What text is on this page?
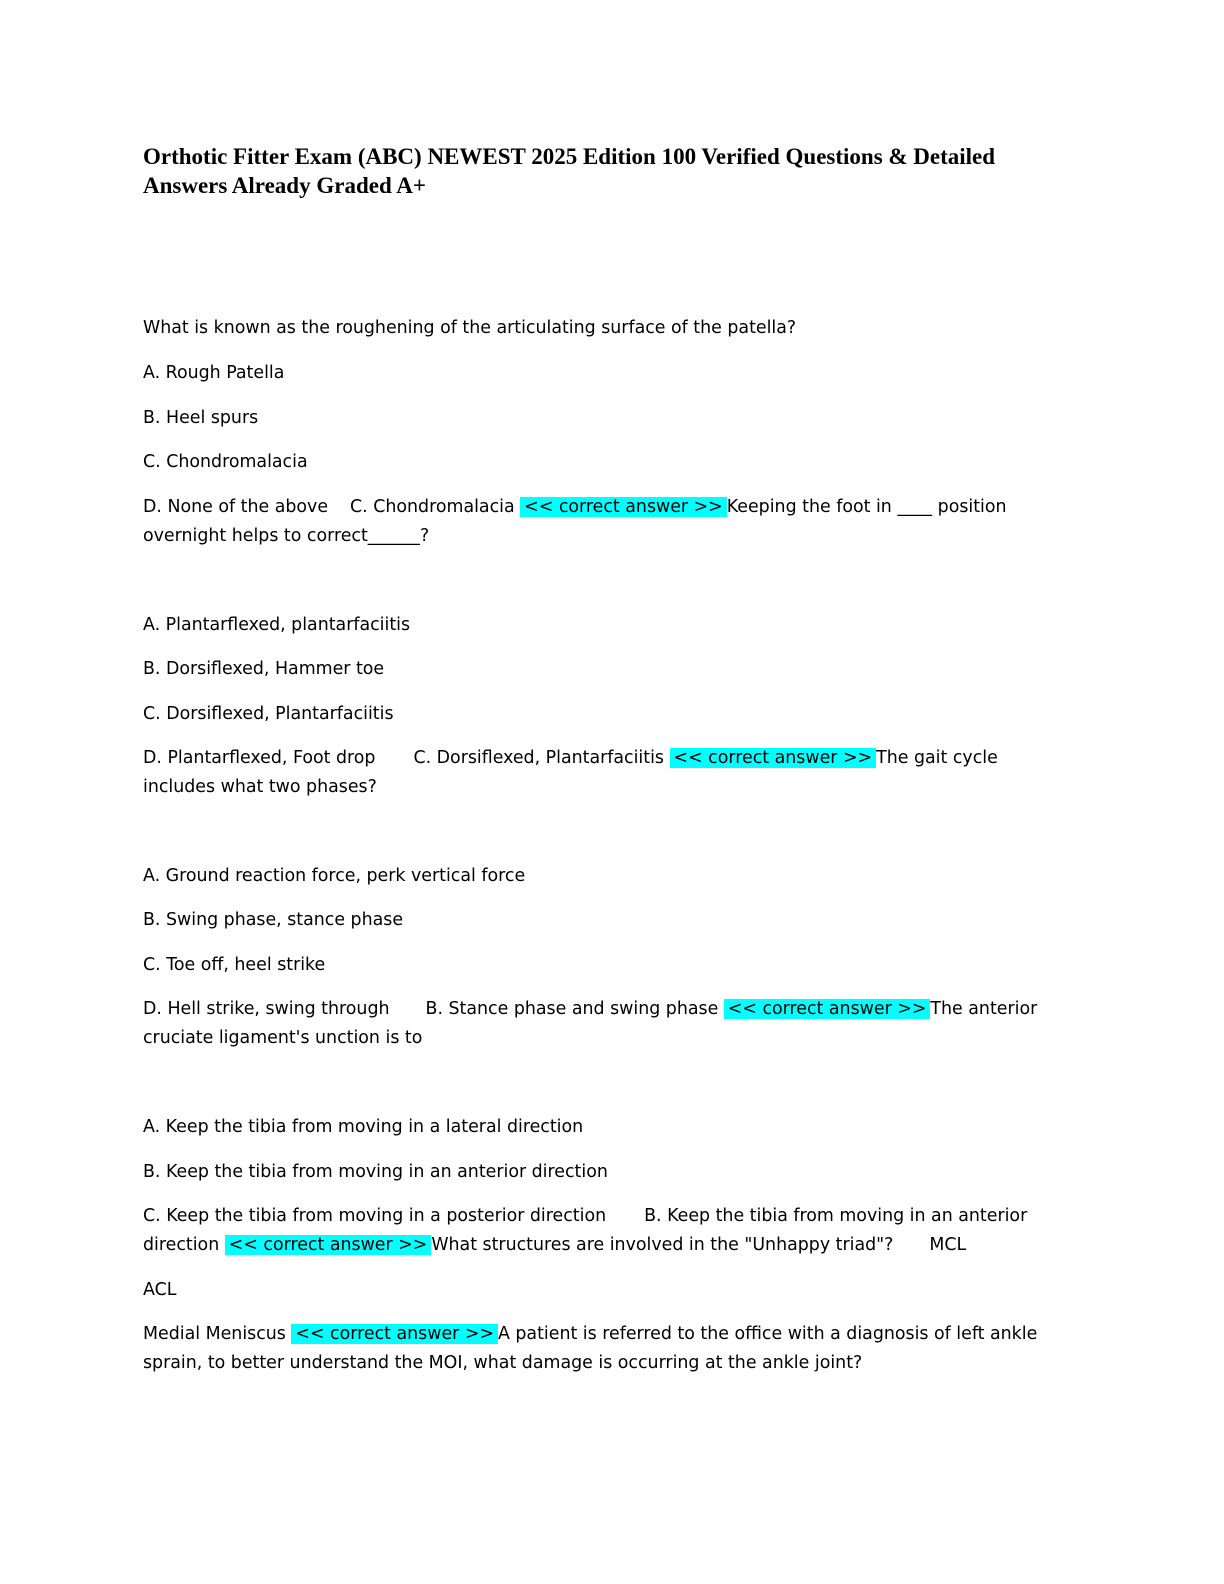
Orthotic Fitter Exam (ABC) NEWEST 2025 Edition 100 Verified Questions & Detailed
Answers Already Graded A+

What is known as the roughening of the articulating surface of the patella?

A. Rough Patella

B. Heel spurs

C. Chondromalacia

D. None of the above C. Chondromalacia << correct answer >> Keeping the foot in ____ position

overnight helps to correct______?

A. Plantarflexed, plantarfaciitis

B. Dorsiflexed, Hammer toe

C. Dorsiflexed, Plantarfaciitis

D. Plantarflexed, Foot drop C. Dorsiflexed, Plantarfaciitis << correct answer >> The gait cycle

includes what two phases?

A. Ground reaction force, perk vertical force

B. Swing phase, stance phase

C. Toe off, heel strike

D. Hell strike, swing through B. Stance phase and swing phase << correct answer >> The anterior

cruciate ligament's unction is to

A. Keep the tibia from moving in a lateral direction

B. Keep the tibia from moving in an anterior direction

C. Keep the tibia from moving in a posterior direction B. Keep the tibia from moving in an anterior

direction << correct answer >> What structures are involved in the "Unhappy triad"? MCL

ACL

Medial Meniscus << correct answer >> A patient is referred to the office with a diagnosis of left ankle

sprain, to better understand the MOI, what damage is occurring at the ankle joint?
